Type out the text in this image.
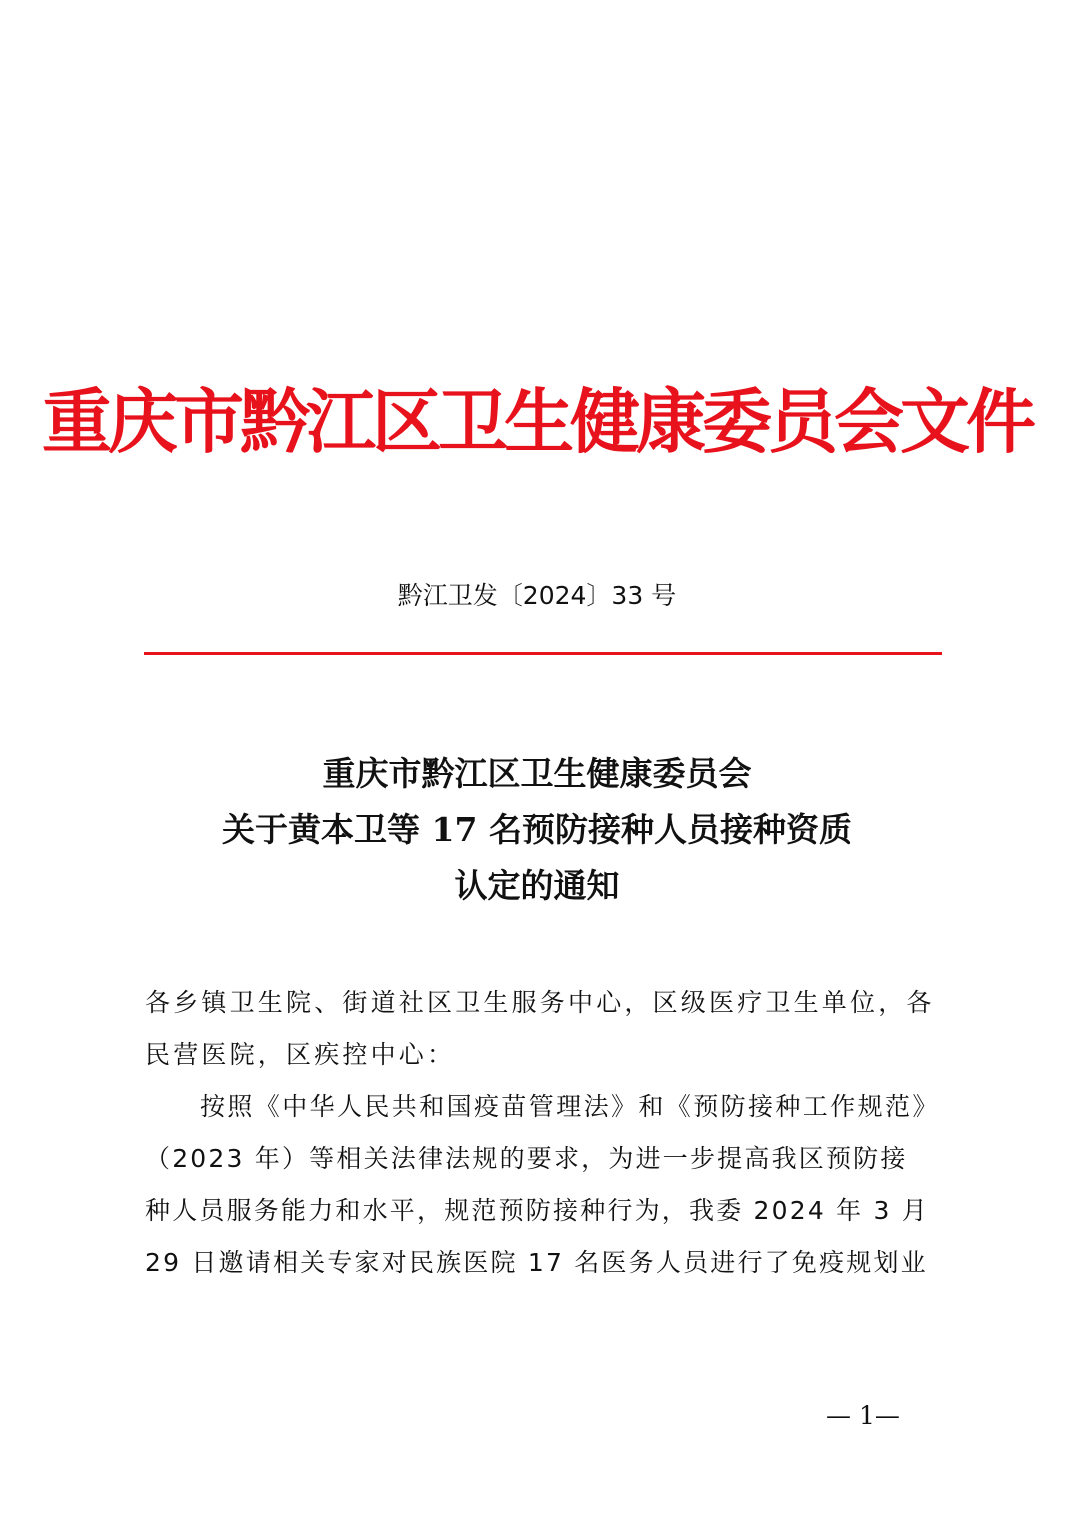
重庆市黔江区卫生健康委员会文件
黔江卫发〔2024〕33 号
重庆市黔江区卫生健康委员会
关于黄本卫等 17 名预防接种人员接种资质
认定的通知
各乡镇卫生院、街道社区卫生服务中心，区级医疗卫生单位，各
民营医院，区疾控中心：
按照《中华人民共和国疫苗管理法》和《预防接种工作规范》
（2023 年）等相关法律法规的要求，为进一步提高我区预防接
种人员服务能力和水平，规范预防接种行为，我委 2024 年 3 月
29 日邀请相关专家对民族医院 17 名医务人员进行了免疫规划业
— 1—
